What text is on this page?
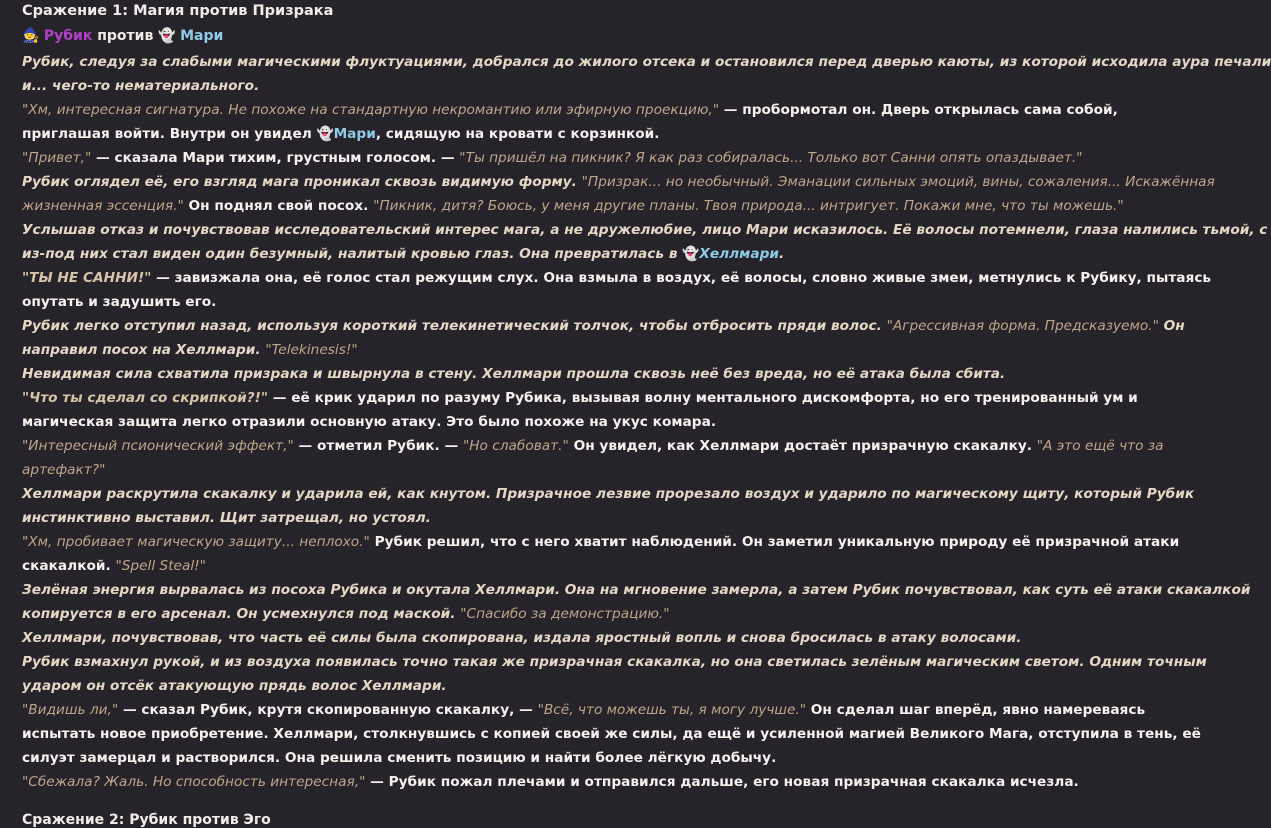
Сражение 1: Магия против Призрака
🧙 Рубик против 👻 Мари
Рубик, следуя за слабыми магическими флуктуациями, добрался до жилого отсека и остановился перед дверью каюты, из которой исходила аура печали
и... чего-то нематериального.
"Хм, интересная сигнатура. Не похоже на стандартную некромантию или эфирную проекцию," — пробормотал он. Дверь открылась сама собой,
приглашая войти. Внутри он увидел 👻Мари, сидящую на кровати с корзинкой.
"Привет," — сказала Мари тихим, грустным голосом. — "Ты пришёл на пикник? Я как раз собиралась... Только вот Санни опять опаздывает."
Рубик оглядел её, его взгляд мага проникал сквозь видимую форму. "Призрак... но необычный. Эманации сильных эмоций, вины, сожаления... Искажённая
жизненная эссенция." Он поднял свой посох. "Пикник, дитя? Боюсь, у меня другие планы. Твоя природа... интригует. Покажи мне, что ты можешь."
Услышав отказ и почувствовав исследовательский интерес мага, а не дружелюбие, лицо Мари исказилось. Её волосы потемнели, глаза налились тьмой, с
из-под них стал виден один безумный, налитый кровью глаз. Она превратилась в 👻Хеллмари.
"ТЫ НЕ САННИ!" — завизжала она, её голос стал режущим слух. Она взмыла в воздух, её волосы, словно живые змеи, метнулись к Рубику, пытаясь
опутать и задушить его.
Рубик легко отступил назад, используя короткий телекинетический толчок, чтобы отбросить пряди волос. "Агрессивная форма. Предсказуемо." Он
направил посох на Хеллмари. "Telekinesis!"
Невидимая сила схватила призрака и швырнула в стену. Хеллмари прошла сквозь неё без вреда, но её атака была сбита.
"Что ты сделал со скрипкой?!" — её крик ударил по разуму Рубика, вызывая волну ментального дискомфорта, но его тренированный ум и
магическая защита легко отразили основную атаку. Это было похоже на укус комара.
"Интересный псионический эффект," — отметил Рубик. — "Но слабоват." Он увидел, как Хеллмари достаёт призрачную скакалку. "А это ещё что за
артефакт?"
Хеллмари раскрутила скакалку и ударила ей, как кнутом. Призрачное лезвие прорезало воздух и ударило по магическому щиту, который Рубик
инстинктивно выставил. Щит затрещал, но устоял.
"Хм, пробивает магическую защиту... неплохо." Рубик решил, что с него хватит наблюдений. Он заметил уникальную природу её призрачной атаки
скакалкой. "Spell Steal!"
Зелёная энергия вырвалась из посоха Рубика и окутала Хеллмари. Она на мгновение замерла, а затем Рубик почувствовал, как суть её атаки скакалкой
копируется в его арсенал. Он усмехнулся под маской. "Спасибо за демонстрацию."
Хеллмари, почувствовав, что часть её силы была скопирована, издала яростный вопль и снова бросилась в атаку волосами.
Рубик взмахнул рукой, и из воздуха появилась точно такая же призрачная скакалка, но она светилась зелёным магическим светом. Одним точным
ударом он отсёк атакующую прядь волос Хеллмари.
"Видишь ли," — сказал Рубик, крутя скопированную скакалку, — "Всё, что можешь ты, я могу лучше." Он сделал шаг вперёд, явно намереваясь
испытать новое приобретение. Хеллмари, столкнувшись с копией своей же силы, да ещё и усиленной магией Великого Мага, отступила в тень, её
силуэт замерцал и растворился. Она решила сменить позицию и найти более лёгкую добычу.
"Сбежала? Жаль. Но способность интересная," — Рубик пожал плечами и отправился дальше, его новая призрачная скакалка исчезла.
Сражение 2: Рубик против Эго
